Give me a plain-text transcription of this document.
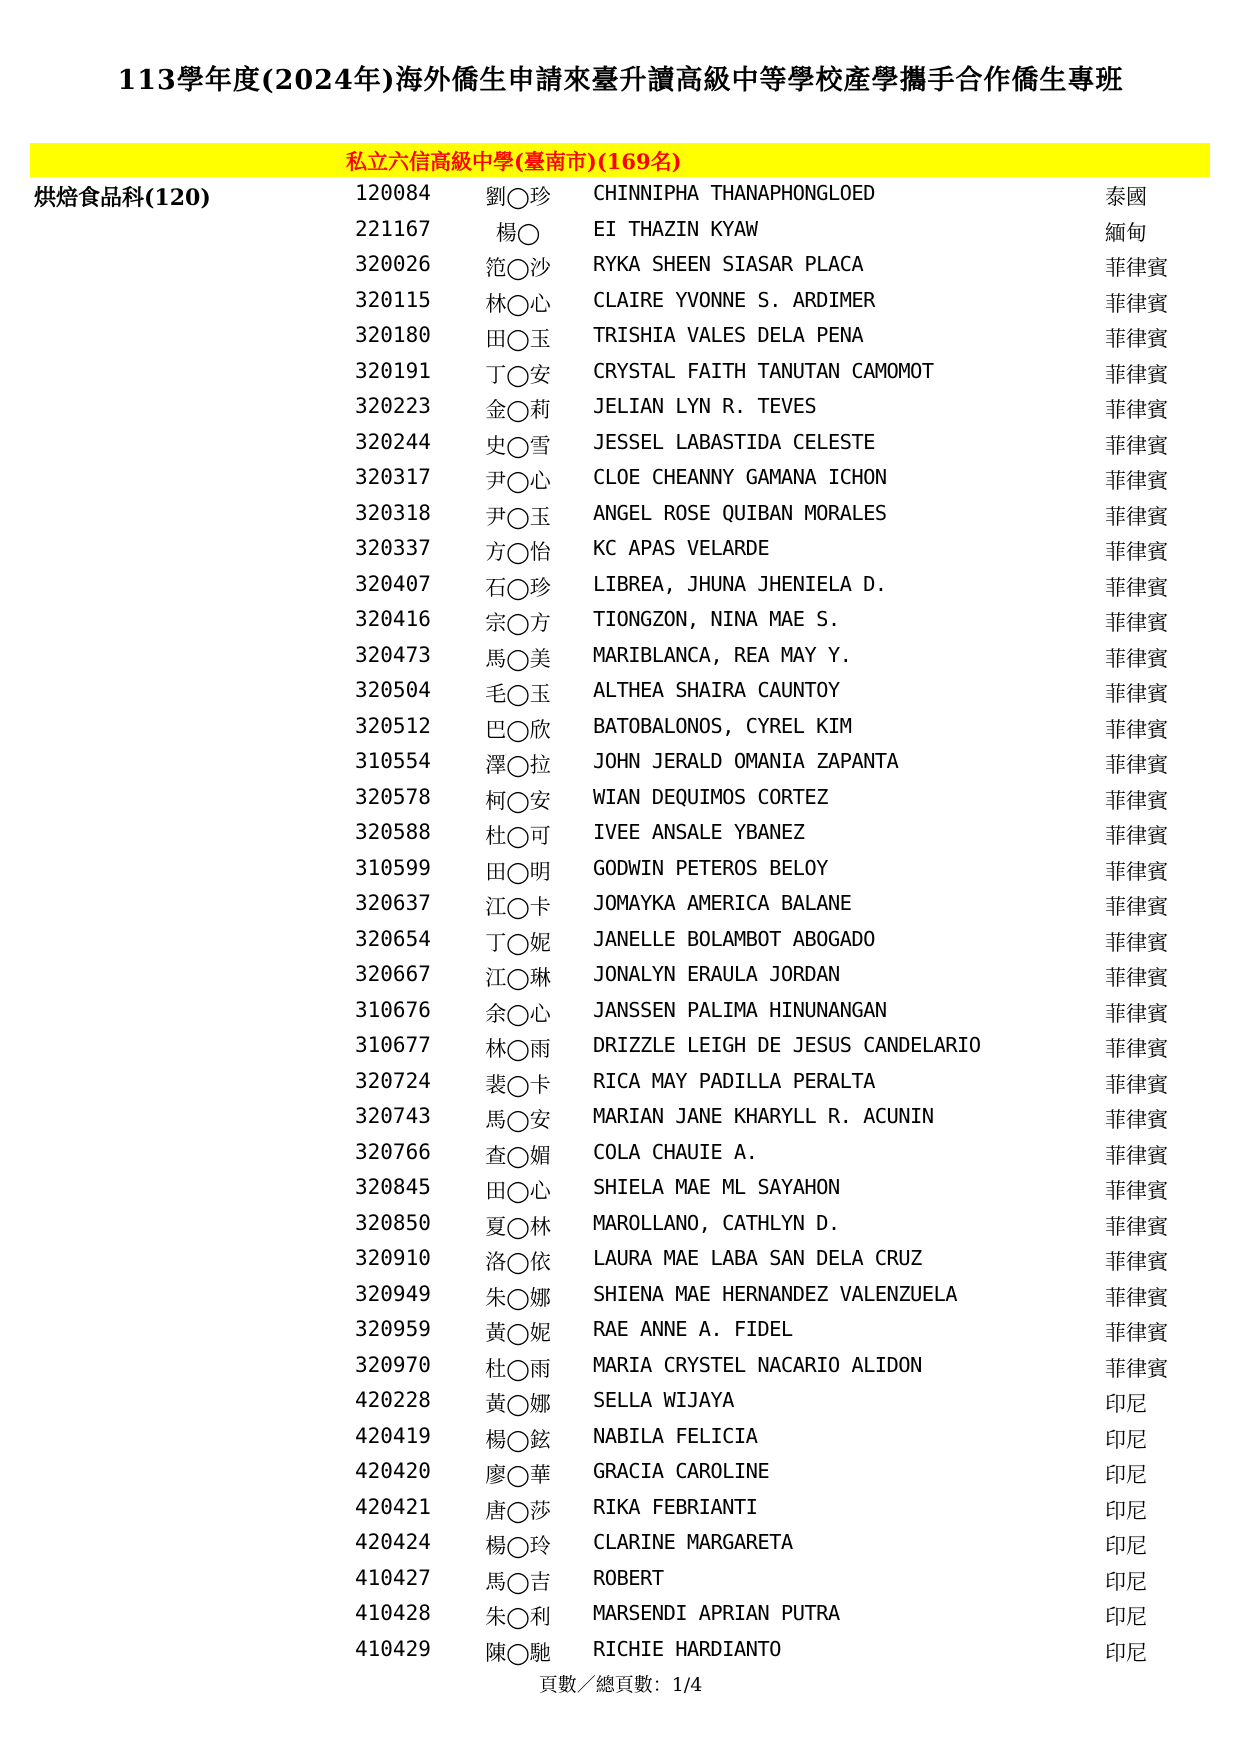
113學年度(2024年)海外僑生申請來臺升讀高級中等學校產學攜手合作僑生專班
私立六信高級中學(臺南市)(169名)
烘焙食品科(120)	120084	劉◯珍 CHINNIPHA THANAPHONGLOED	泰國
221167	楊◯	EI THAZIN KYAW	緬甸
320026	笵◯沙 RYKA SHEEN SIASAR PLACA	菲律賓
320115	林◯心 CLAIRE YVONNE S. ARDIMER	菲律賓
320180	田◯玉 TRISHIA VALES DELA PENA	菲律賓
320191	丁◯安 CRYSTAL FAITH TANUTAN CAMOMOT	菲律賓
320223	金◯莉 JELIAN LYN R. TEVES	菲律賓
320244	史◯雪 JESSEL LABASTIDA CELESTE	菲律賓
320317	尹◯心 CLOE CHEANNY GAMANA ICHON	菲律賓
320318	尹◯玉 ANGEL ROSE QUIBAN MORALES	菲律賓
320337	方◯怡 KC APAS VELARDE	菲律賓
320407	石◯珍 LIBREA, JHUNA JHENIELA D.	菲律賓
320416	宗◯方 TIONGZON, NINA MAE S.	菲律賓
320473	馬◯美 MARIBLANCA, REA MAY Y.	菲律賓
320504	毛◯玉 ALTHEA SHAIRA CAUNTOY	菲律賓
320512	巴◯欣 BATOBALONOS, CYREL KIM	菲律賓
310554	澤◯拉 JOHN JERALD OMANIA ZAPANTA	菲律賓
320578	柯◯安 WIAN DEQUIMOS CORTEZ	菲律賓
320588	杜◯可 IVEE ANSALE YBANEZ	菲律賓
310599	田◯明 GODWIN PETEROS BELOY	菲律賓
320637	江◯卡 JOMAYKA AMERICA BALANE	菲律賓
320654	丁◯妮 JANELLE BOLAMBOT ABOGADO	菲律賓
320667	江◯琳 JONALYN ERAULA JORDAN	菲律賓
310676	余◯心 JANSSEN PALIMA HINUNANGAN	菲律賓
310677	林◯雨 DRIZZLE LEIGH DE JESUS CANDELARIO	菲律賓
320724	裴◯卡 RICA MAY PADILLA PERALTA	菲律賓
320743	馬◯安 MARIAN JANE KHARYLL R. ACUNIN	菲律賓
320766	查◯媚 COLA CHAUIE A.	菲律賓
320845	田◯心 SHIELA MAE ML SAYAHON	菲律賓
320850	夏◯林 MAROLLANO, CATHLYN D.	菲律賓
320910	洛◯依 LAURA MAE LABA SAN DELA CRUZ	菲律賓
320949	朱◯娜 SHIENA MAE HERNANDEZ VALENZUELA	菲律賓
320959	黃◯妮 RAE ANNE A. FIDEL	菲律賓
320970	杜◯雨 MARIA CRYSTEL NACARIO ALIDON	菲律賓
420228	黃◯娜 SELLA WIJAYA	印尼
420419	楊◯鉉 NABILA FELICIA	印尼
420420	廖◯華 GRACIA CAROLINE	印尼
420421	唐◯莎 RIKA FEBRIANTI	印尼
420424	楊◯玲 CLARINE MARGARETA	印尼
410427	馬◯吉 ROBERT	印尼
410428	朱◯利 MARSENDI APRIAN PUTRA	印尼
410429	陳◯馳 RICHIE HARDIANTO	印尼
頁數／總頁數：1/4
